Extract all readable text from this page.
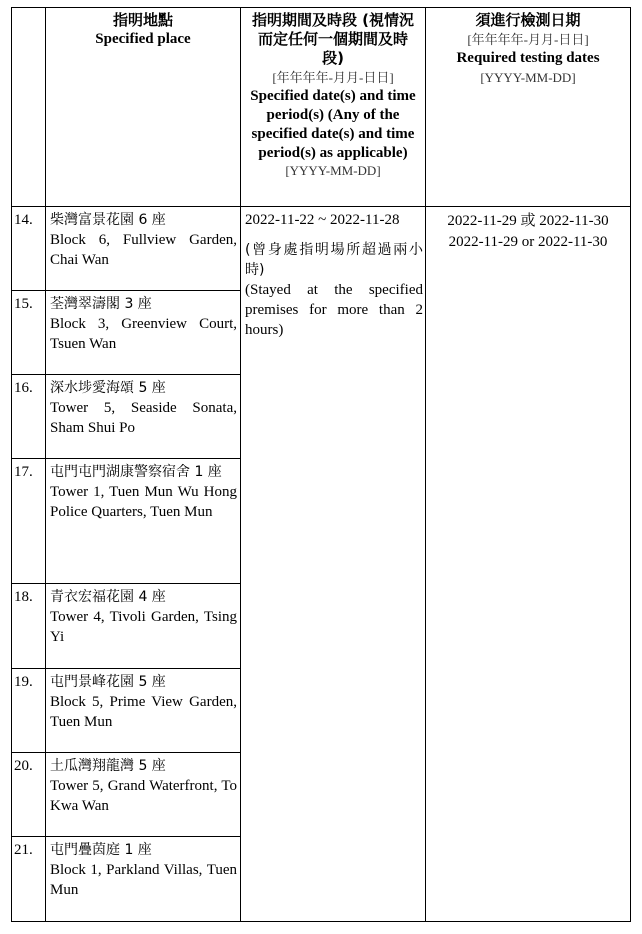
指明地點
Specified place
指明期間及時段 (視情況而定任何一個期間及時段)
[年年年年-月月-日日]
Specified date(s) and time period(s) (Any of the specified date(s) and time period(s) as applicable)
[YYYY-MM-DD]
須進行檢測日期
[年年年年-月月-日日]
Required testing dates
[YYYY-MM-DD]
14.
15.
16.
17.
18.
19.
20.
21.
柴灣富景花園 6 座
Block 6, Fullview Garden, Chai Wan
荃灣翠濤閣 3 座
Block 3, Greenview Court, Tsuen Wan
深水埗愛海頌 5 座
Tower 5, Seaside Sonata, Sham Shui Po
屯門屯門湖康警察宿舍 1 座
Tower 1, Tuen Mun Wu Hong Police Quarters, Tuen Mun
青衣宏福花園 4 座
Tower 4, Tivoli Garden, Tsing Yi
屯門景峰花園 5 座
Block 5, Prime View Garden, Tuen Mun
土瓜灣翔龍灣 5 座
Tower 5, Grand Waterfront, To Kwa Wan
屯門疊茵庭 1 座
Block 1, Parkland Villas, Tuen Mun
2022-11-22 ~ 2022-11-28
(曾身處指明場所超過兩小時)
(Stayed at the specified premises for more than 2 hours)
2022-11-29 或 2022-11-30
2022-11-29 or 2022-11-30
